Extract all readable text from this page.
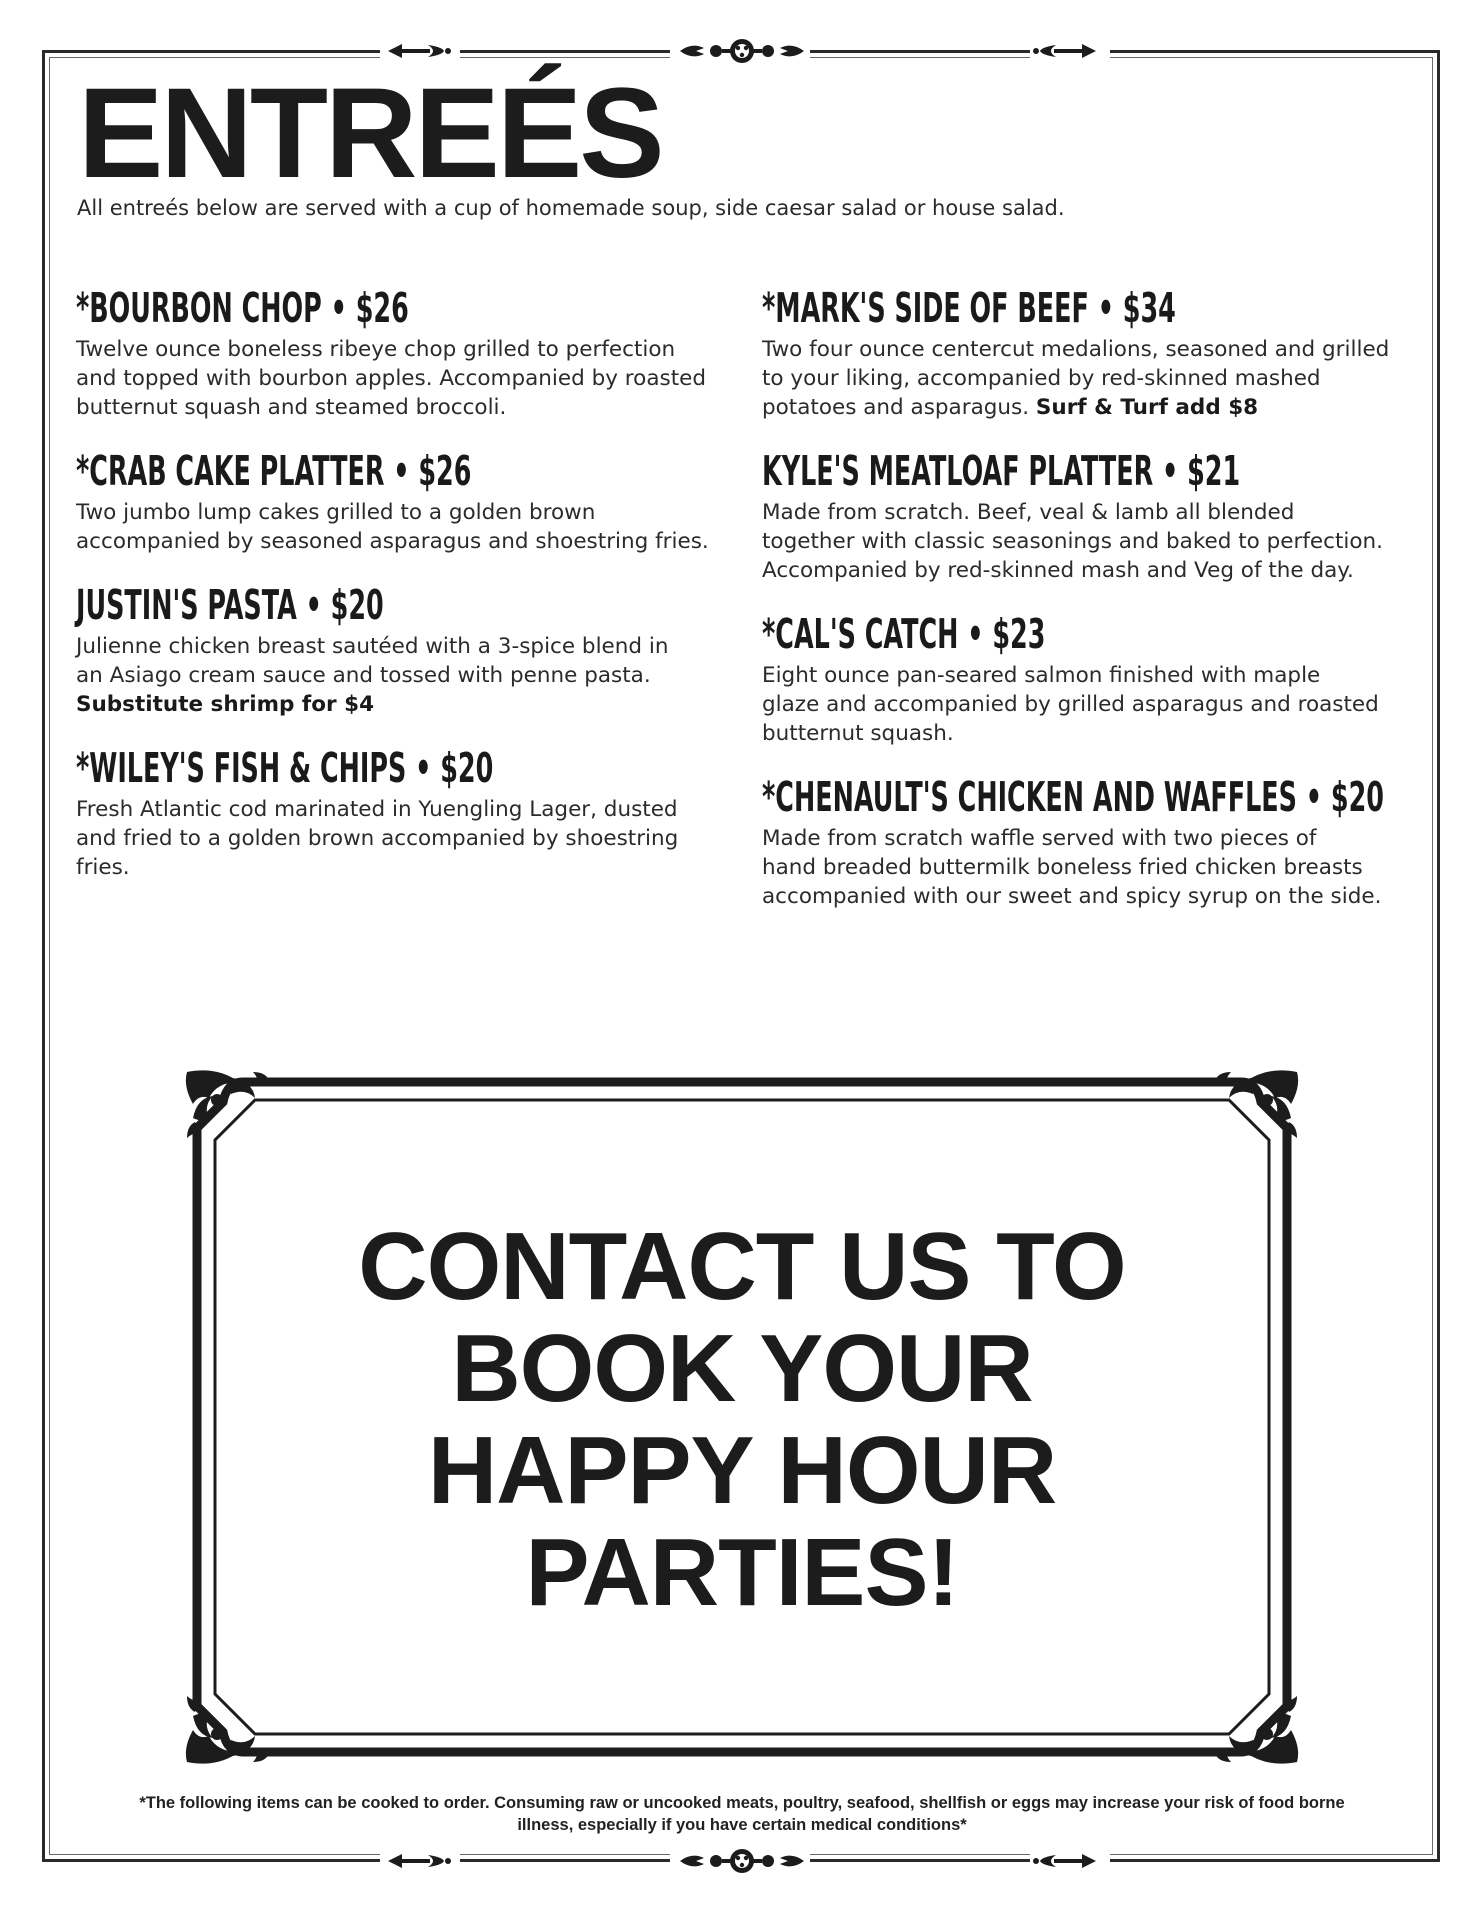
ENTREÉS

All entreés below are served with a cup of homemade soup, side caesar salad or house salad.

*BOURBON CHOP • $26

Twelve ounce boneless ribeye chop grilled to perfection
and topped with bourbon apples. Accompanied by roasted
butternut squash and steamed broccoli.

*CRAB CAKE PLATTER • $26

Two jumbo lump cakes grilled to a golden brown
accompanied by seasoned asparagus and shoestring fries.

JUSTIN'S PASTA • $20

Julienne chicken breast sautéed with a 3-spice blend in
an Asiago cream sauce and tossed with penne pasta.
Substitute shrimp for $4

*WILEY'S FISH & CHIPS • $20

Fresh Atlantic cod marinated in Yuengling Lager, dusted
and fried to a golden brown accompanied by shoestring
fries.

*MARK'S SIDE OF BEEF • $34

Two four ounce centercut medalions, seasoned and grilled
to your liking, accompanied by red-skinned mashed
potatoes and asparagus. Surf & Turf add $8

KYLE'S MEATLOAF PLATTER • $21

Made from scratch. Beef, veal & lamb all blended
together with classic seasonings and baked to perfection.
Accompanied by red-skinned mash and Veg of the day.

*CAL'S CATCH • $23

Eight ounce pan-seared salmon finished with maple
glaze and accompanied by grilled asparagus and roasted
butternut squash.

*CHENAULT'S CHICKEN AND WAFFLES • $20

Made from scratch waffle served with two pieces of
hand breaded buttermilk boneless fried chicken breasts
accompanied with our sweet and spicy syrup on the side.

CONTACT US TO
BOOK YOUR
HAPPY HOUR
PARTIES!
*The following items can be cooked to order. Consuming raw or uncooked meats, poultry, seafood, shellfish or eggs may increase your risk of food borne
illness, especially if you have certain medical conditions*
